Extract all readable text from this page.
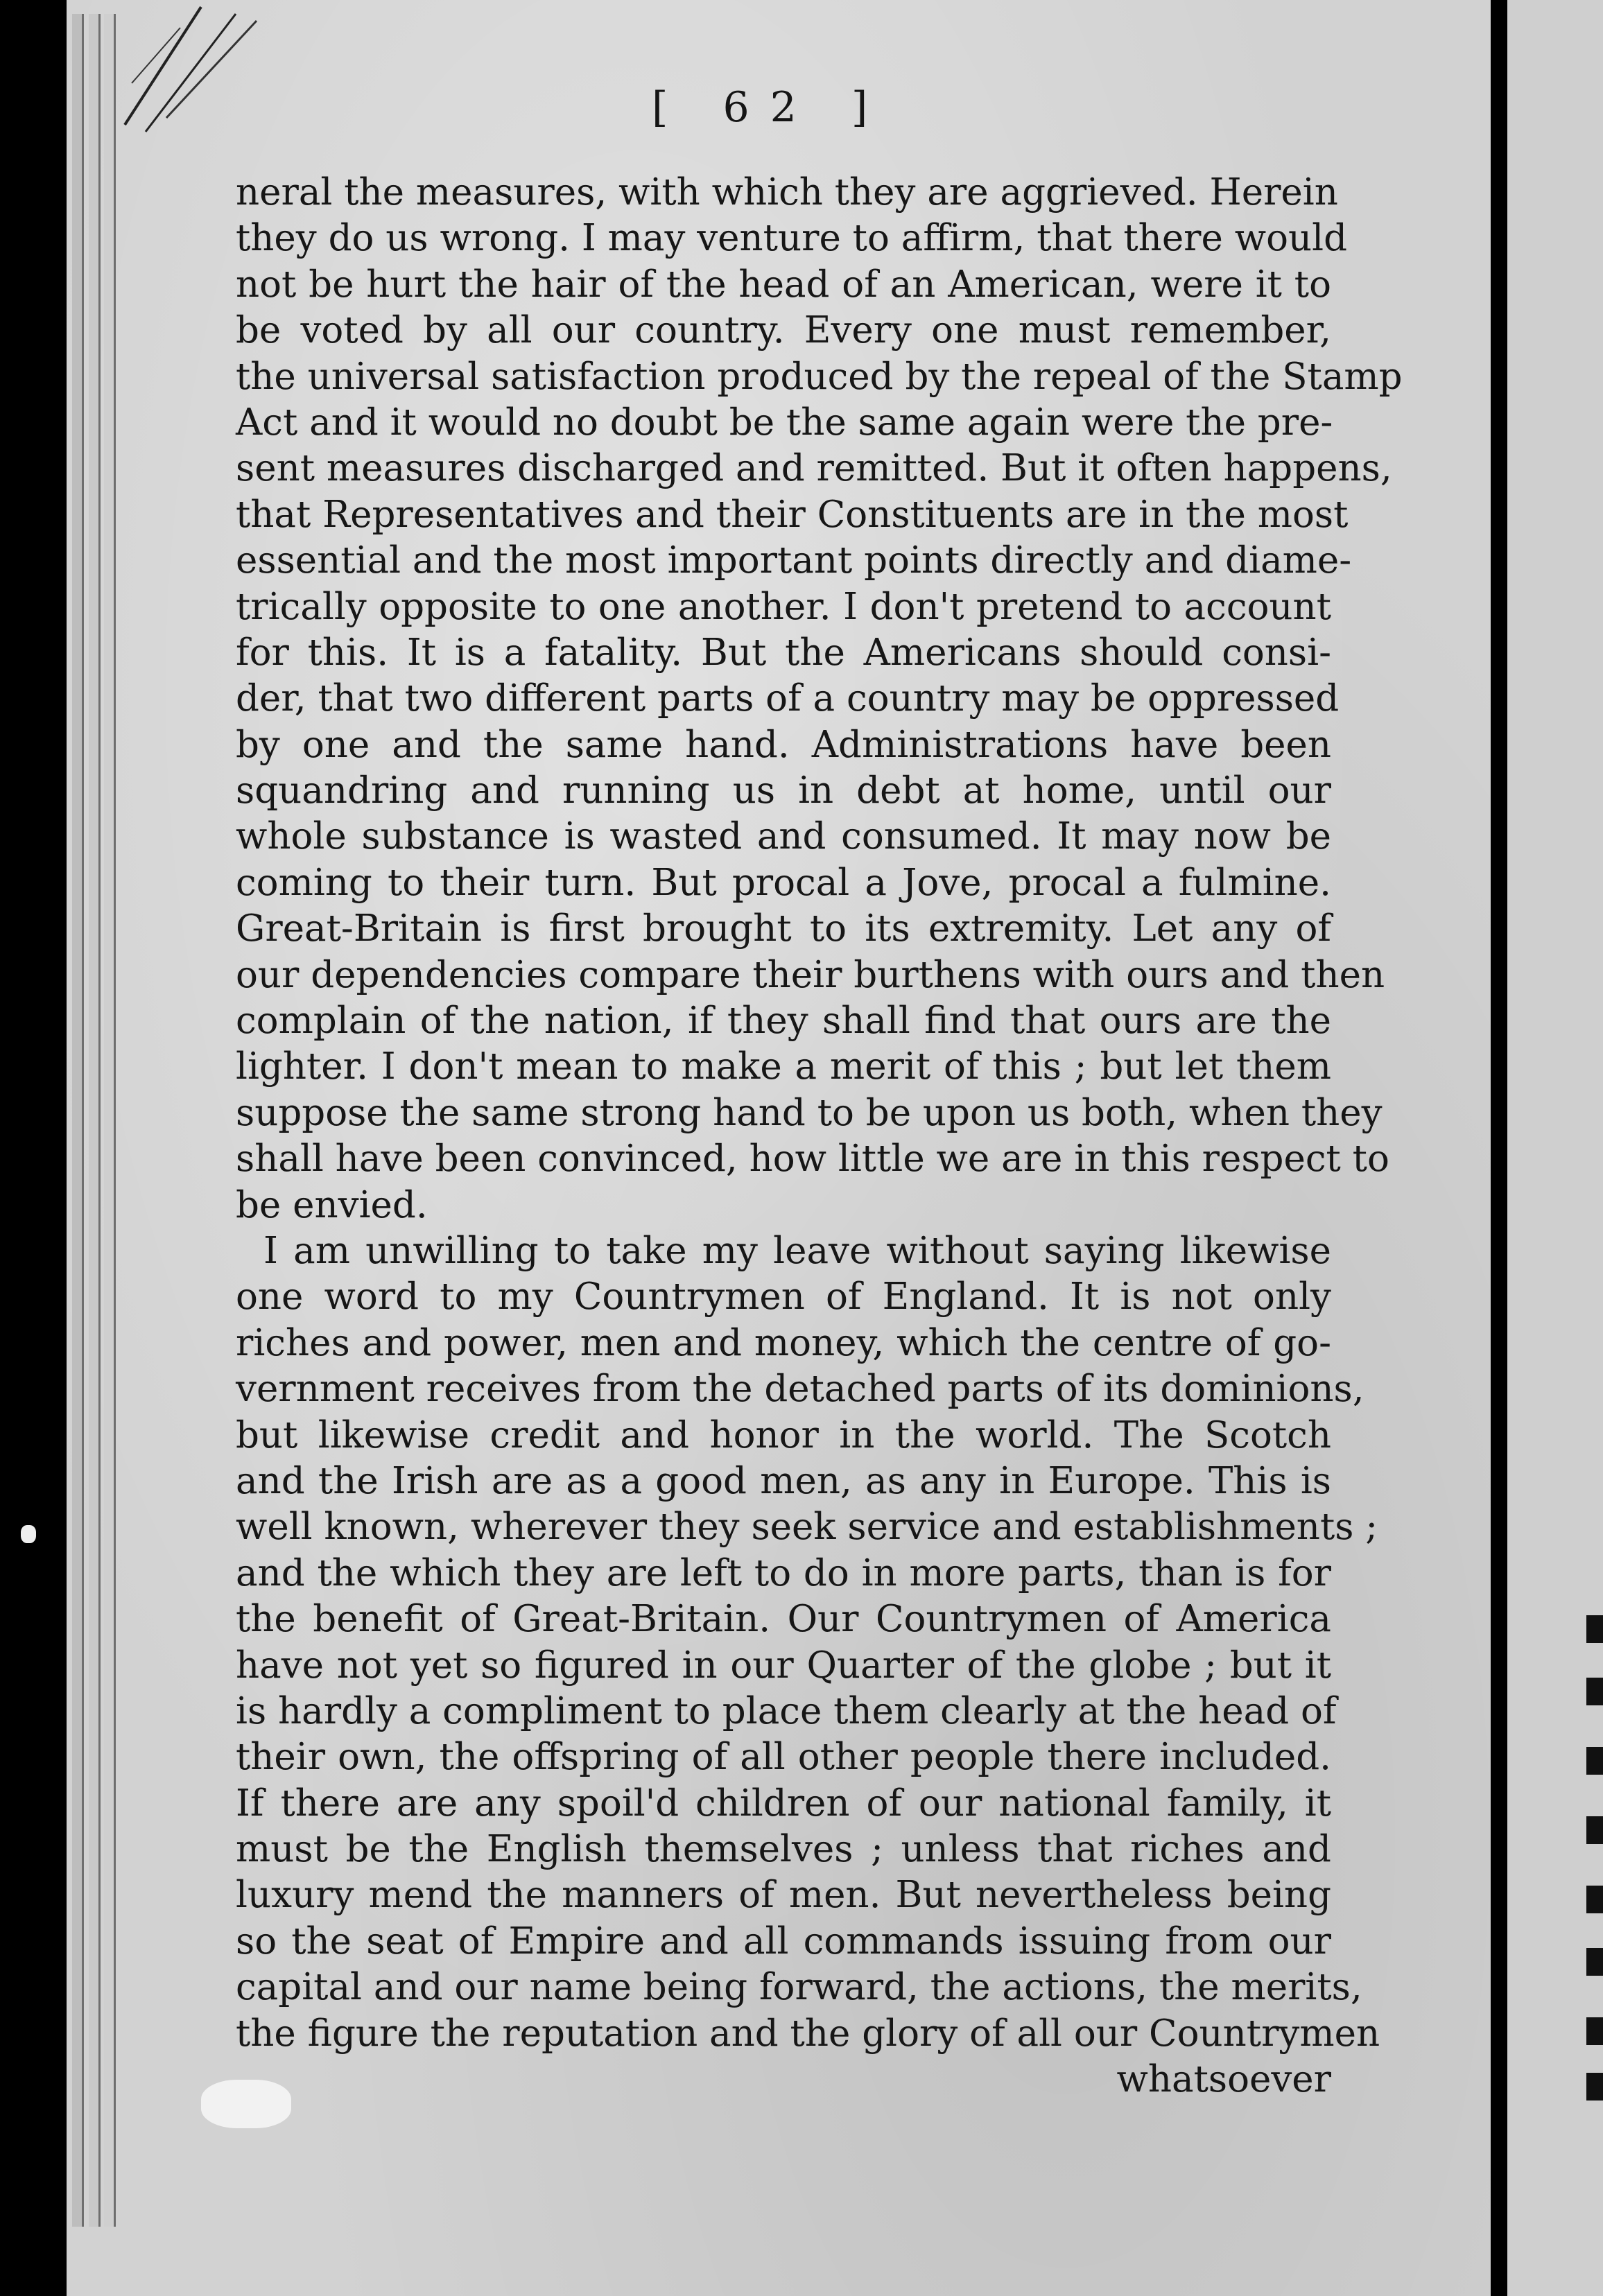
[ 62 ]
neral the measures, with which they are aggrieved. Herein
they do us wrong. I may venture to affirm, that there would
not be hurt the hair of the head of an American, were it to
be voted by all our country. Every one must remember,
the universal satisfaction produced by the repeal of the Stamp
Act and it would no doubt be the same again were the pre-
sent measures discharged and remitted. But it often happens,
that Representatives and their Constituents are in the most
essential and the most important points directly and diame-
trically opposite to one another. I don't pretend to account
for this. It is a fatality. But the Americans should consi-
der, that two different parts of a country may be oppressed
by one and the same hand. Administrations have been
squandring and running us in debt at home, until our
whole substance is wasted and consumed. It may now be
coming to their turn. But procal a Jove, procal a fulmine.
Great-Britain is first brought to its extremity. Let any of
our dependencies compare their burthens with ours and then
complain of the nation, if they shall find that ours are the
lighter. I don't mean to make a merit of this ; but let them
suppose the same strong hand to be upon us both, when they
shall have been convinced, how little we are in this respect to
be envied.
I am unwilling to take my leave without saying likewise
one word to my Countrymen of England. It is not only
riches and power, men and money, which the centre of go-
vernment receives from the detached parts of its dominions,
but likewise credit and honor in the world. The Scotch
and the Irish are as a good men, as any in Europe. This is
well known, wherever they seek service and establishments ;
and the which they are left to do in more parts, than is for
the benefit of Great-Britain. Our Countrymen of America
have not yet so figured in our Quarter of the globe ; but it
is hardly a compliment to place them clearly at the head of
their own, the offspring of all other people there included.
If there are any spoil'd children of our national family, it
must be the English themselves ; unless that riches and
luxury mend the manners of men. But nevertheless being
so the seat of Empire and all commands issuing from our
capital and our name being forward, the actions, the merits,
the figure the reputation and the glory of all our Countrymen
whatsoever
